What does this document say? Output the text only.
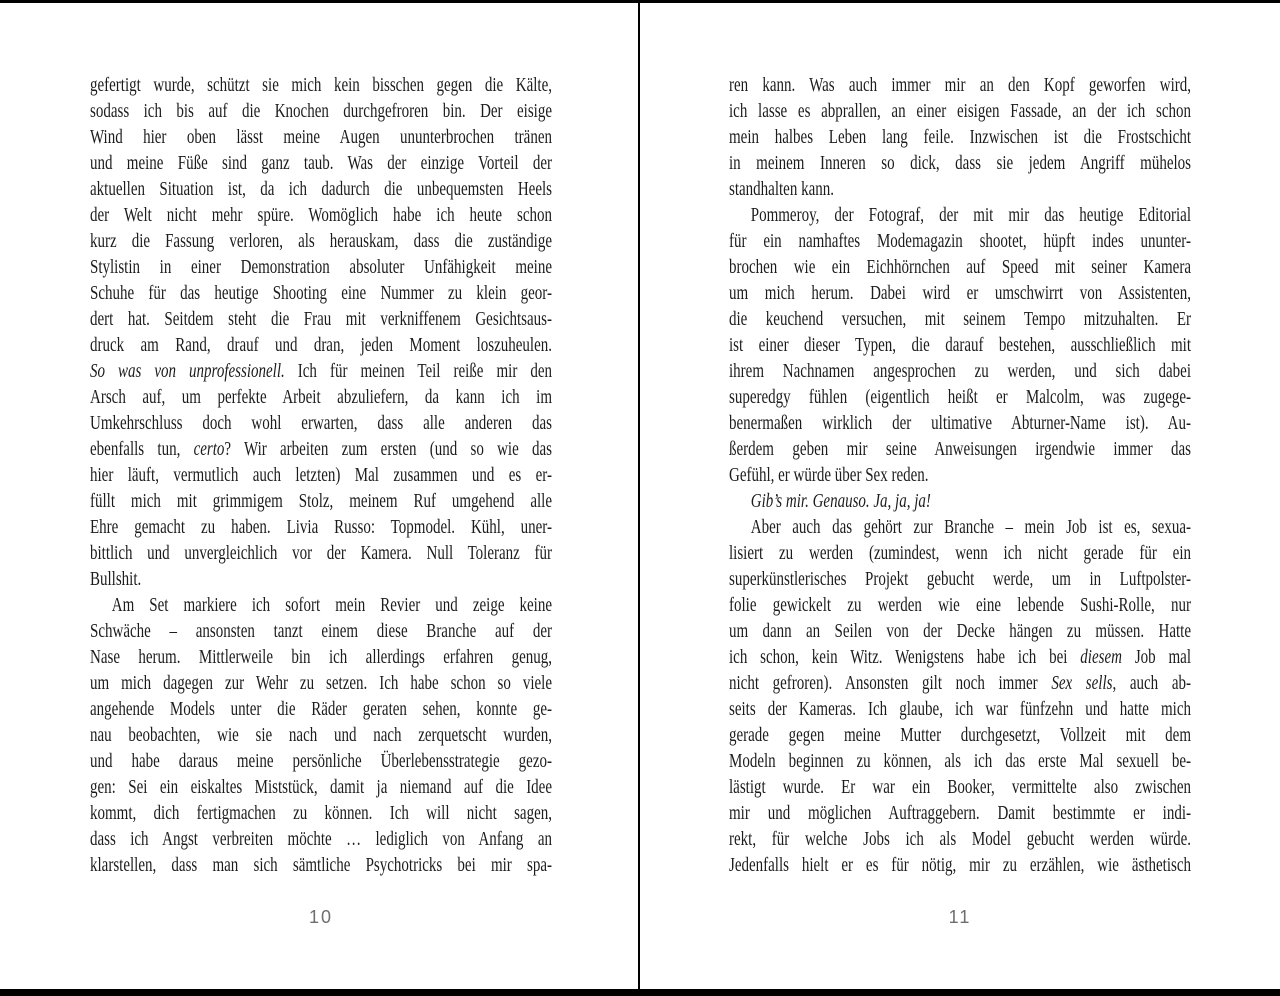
gefertigt wurde, schützt sie mich kein bisschen gegen die Kälte,
sodass ich bis auf die Knochen durchgefroren bin. Der eisige
Wind hier oben lässt meine Augen ununterbrochen tränen
und meine Füße sind ganz taub. Was der einzige Vorteil der
aktuellen Situation ist, da ich dadurch die unbequemsten Heels
der Welt nicht mehr spüre. Womöglich habe ich heute schon
kurz die Fassung verloren, als herauskam, dass die zuständige
Stylistin in einer Demonstration absoluter Unfähigkeit meine
Schuhe für das heutige Shooting eine Nummer zu klein geor-
dert hat. Seitdem steht die Frau mit verkniffenem Gesichtsaus-
druck am Rand, drauf und dran, jeden Moment loszuheulen.
So was von unprofessionell. Ich für meinen Teil reiße mir den
Arsch auf, um perfekte Arbeit abzuliefern, da kann ich im
Umkehrschluss doch wohl erwarten, dass alle anderen das
ebenfalls tun, certo? Wir arbeiten zum ersten (und so wie das
hier läuft, vermutlich auch letzten) Mal zusammen und es er-
füllt mich mit grimmigem Stolz, meinem Ruf umgehend alle
Ehre gemacht zu haben. Livia Russo: Topmodel. Kühl, uner-
bittlich und unvergleichlich vor der Kamera. Null Toleranz für
Bullshit.
Am Set markiere ich sofort mein Revier und zeige keine
Schwäche – ansonsten tanzt einem diese Branche auf der
Nase herum. Mittlerweile bin ich allerdings erfahren genug,
um mich dagegen zur Wehr zu setzen. Ich habe schon so viele
angehende Models unter die Räder geraten sehen, konnte ge-
nau beobachten, wie sie nach und nach zerquetscht wurden,
und habe daraus meine persönliche Überlebensstrategie gezo-
gen: Sei ein eiskaltes Miststück, damit ja niemand auf die Idee
kommt, dich fertigmachen zu können. Ich will nicht sagen,
dass ich Angst verbreiten möchte … lediglich von Anfang an
klarstellen, dass man sich sämtliche Psychotricks bei mir spa-
10
ren kann. Was auch immer mir an den Kopf geworfen wird,
ich lasse es abprallen, an einer eisigen Fassade, an der ich schon
mein halbes Leben lang feile. Inzwischen ist die Frostschicht
in meinem Inneren so dick, dass sie jedem Angriff mühelos
standhalten kann.
Pommeroy, der Fotograf, der mit mir das heutige Editorial
für ein namhaftes Modemagazin shootet, hüpft indes ununter-
brochen wie ein Eichhörnchen auf Speed mit seiner Kamera
um mich herum. Dabei wird er umschwirrt von Assistenten,
die keuchend versuchen, mit seinem Tempo mitzuhalten. Er
ist einer dieser Typen, die darauf bestehen, ausschließlich mit
ihrem Nachnamen angesprochen zu werden, und sich dabei
superedgy fühlen (eigentlich heißt er Malcolm, was zugege-
benermaßen wirklich der ultimative Abturner-Name ist). Au-
ßerdem geben mir seine Anweisungen irgendwie immer das
Gefühl, er würde über Sex reden.
Gib’s mir. Genauso. Ja, ja, ja!
Aber auch das gehört zur Branche – mein Job ist es, sexua-
lisiert zu werden (zumindest, wenn ich nicht gerade für ein
superkünstlerisches Projekt gebucht werde, um in Luftpolster-
folie gewickelt zu werden wie eine lebende Sushi-Rolle, nur
um dann an Seilen von der Decke hängen zu müssen. Hatte
ich schon, kein Witz. Wenigstens habe ich bei diesem Job mal
nicht gefroren). Ansonsten gilt noch immer Sex sells, auch ab-
seits der Kameras. Ich glaube, ich war fünfzehn und hatte mich
gerade gegen meine Mutter durchgesetzt, Vollzeit mit dem
Modeln beginnen zu können, als ich das erste Mal sexuell be-
lästigt wurde. Er war ein Booker, vermittelte also zwischen
mir und möglichen Auftraggebern. Damit bestimmte er indi-
rekt, für welche Jobs ich als Model gebucht werden würde.
Jedenfalls hielt er es für nötig, mir zu erzählen, wie ästhetisch
11
